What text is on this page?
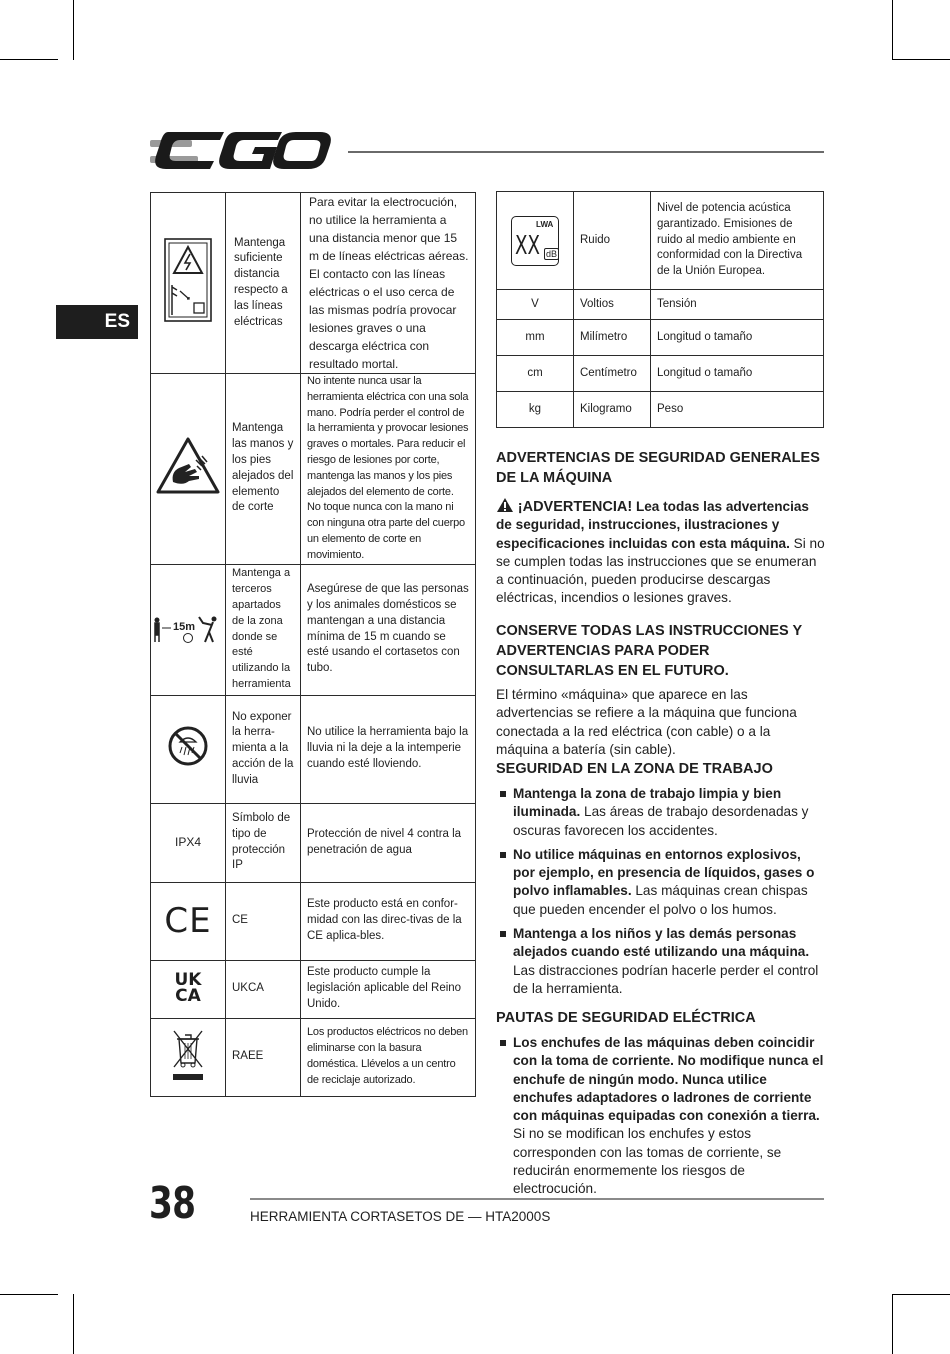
ES
	Mantenga suficiente distancia respecto a las líneas eléctricas	Para evitar la electrocución, no utilice la herramienta a una distancia menor que 15 m de líneas eléctricas aéreas. El contacto con las líneas eléctricas o el uso cerca de las mismas podría provocar lesiones graves o una descarga eléctrica con resultado mortal.
	Mantenga las manos y los pies alejados del elemento de corte	No intente nunca usar la herramienta eléctrica con una sola mano. Podría perder el control de la herramienta y provocar lesiones graves o mortales. Para reducir el riesgo de lesiones por corte, mantenga las manos y los pies alejados del elemento de corte. No toque nunca con la mano ni con ninguna otra parte del cuerpo un elemento de corte en movimiento.

15m	Mantenga a terceros apartados de la zona donde se esté utilizando la herramienta	Asegúrese de que las personas y los animales domésticos se mantengan a una distancia mínima de 15 m cuando se esté usando el cortasetos con tubo.
	No exponer la herra-mienta a la acción de la lluvia	No utilice la herramienta bajo la lluvia ni la deje a la intemperie cuando esté lloviendo.
IPX4	Símbolo de tipo de protección IP	Protección de nivel 4 contra la penetración de agua
CE	CE	Este producto está en confor-midad con las direc-tivas de la CE aplica-bles.
UK CA	UKCA	Este producto cumple la legislación aplicable del Reino Unido.
	RAEE	Los productos eléctricos no deben eliminarse con la basura doméstica. Llévelos a un centro de reciclaje autorizado.
LWA
XX dB	Ruido	Nivel de potencia acústica garantizado. Emisiones de ruido al medio ambiente en conformidad con la Directiva de la Unión Europea.
V	Voltios	Tensión
mm	Milímetro	Longitud o tamaño
cm	Centímetro	Longitud o tamaño
kg	Kilogramo	Peso
ADVERTENCIAS DE SEGURIDAD GENERALES DE LA MÁQUINA

¡ADVERTENCIA! Lea todas las advertencias de seguridad, instrucciones, ilustraciones y especificaciones incluidas con esta máquina. Si no se cumplen todas las instrucciones que se enumeran a continuación, pueden producirse descargas eléctricas, incendios o lesiones graves.

CONSERVE TODAS LAS INSTRUCCIONES Y ADVERTENCIAS PARA PODER CONSULTARLAS EN EL FUTURO.

El término «máquina» que aparece en las advertencias se refiere a la máquina que funciona conectada a la red eléctrica (con cable) o a la máquina a batería (sin cable).

SEGURIDAD EN LA ZONA DE TRABAJO
Mantenga la zona de trabajo limpia y bien iluminada. Las áreas de trabajo desordenadas y oscuras favorecen los accidentes.
No utilice máquinas en entornos explosivos, por ejemplo, en presencia de líquidos, gases o polvo inflamables. Las máquinas crean chispas que pueden encender el polvo o los humos.
Mantenga a los niños y las demás personas alejados cuando esté utilizando una máquina. Las distracciones podrían hacerle perder el control de la herramienta.
PAUTAS DE SEGURIDAD ELÉCTRICA
Los enchufes de las máquinas deben coincidir con la toma de corriente. No modifique nunca el enchufe de ningún modo. Nunca utilice enchufes adaptadores o ladrones de corriente con máquinas equipadas con conexión a tierra. Si no se modifican los enchufes y estos corresponden con las tomas de corriente, se reducirán enormemente los riesgos de electrocución.
38	HERRAMIENTA CORTASETOS DE — HTA2000S
